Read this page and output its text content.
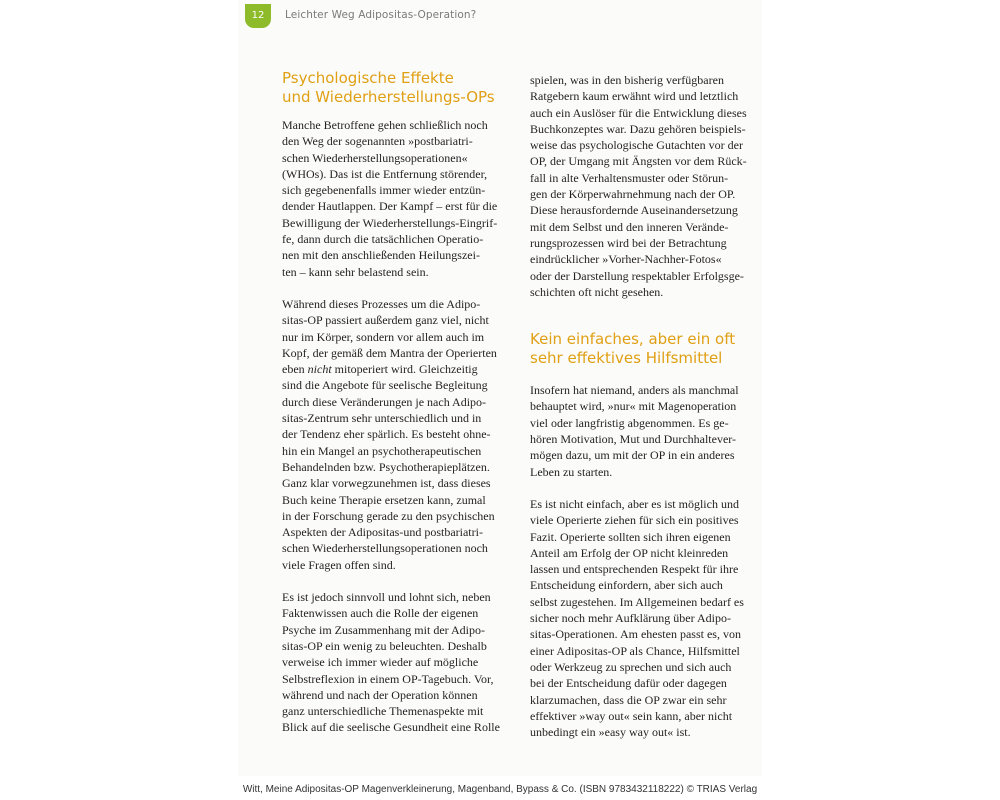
12	Leichter Weg Adipositas-Operation?
Psychologische Effekte
und Wiederherstellungs-OPs

Manche Betroffene gehen schließlich noch
den Weg der sogenannten »postbariatri-
schen Wiederherstellungsoperationen«
(WHOs). Das ist die Entfernung störender,
sich gegebenenfalls immer wieder entzün-
dender Hautlappen. Der Kampf – erst für die
Bewilligung der Wiederherstellungs-Eingrif-
fe, dann durch die tatsächlichen Operatio-
nen mit den anschließenden Heilungszei-
ten – kann sehr belastend sein.

Während dieses Prozesses um die Adipo-
sitas-OP passiert außerdem ganz viel, nicht
nur im Körper, sondern vor allem auch im
Kopf, der gemäß dem Mantra der Operierten
eben nicht mitoperiert wird. Gleichzeitig
sind die Angebote für seelische Begleitung
durch diese Veränderungen je nach Adipo-
sitas-Zentrum sehr unterschiedlich und in
der Tendenz eher spärlich. Es besteht ohne-
hin ein Mangel an psychotherapeutischen
Behandelnden bzw. Psychotherapieplätzen.
Ganz klar vorwegzunehmen ist, dass dieses
Buch keine Therapie ersetzen kann, zumal
in der Forschung gerade zu den psychischen
Aspekten der Adipositas-und postbariatri-
schen Wiederherstellungsoperationen noch
viele Fragen offen sind.

Es ist jedoch sinnvoll und lohnt sich, neben
Faktenwissen auch die Rolle der eigenen
Psyche im Zusammenhang mit der Adipo-
sitas-OP ein wenig zu beleuchten. Deshalb
verweise ich immer wieder auf mögliche
Selbstreflexion in einem OP-Tagebuch. Vor,
während und nach der Operation können
ganz unterschiedliche Themenaspekte mit
Blick auf die seelische Gesundheit eine Rolle

spielen, was in den bisherig verfügbaren
Ratgebern kaum erwähnt wird und letztlich
auch ein Auslöser für die Entwicklung dieses
Buchkonzeptes war. Dazu gehören beispiels-
weise das psychologische Gutachten vor der
OP, der Umgang mit Ängsten vor dem Rück-
fall in alte Verhaltensmuster oder Störun-
gen der Körperwahrnehmung nach der OP.
Diese herausfordernde Auseinandersetzung
mit dem Selbst und den inneren Verände-
rungsprozessen wird bei der Betrachtung
eindrücklicher »Vorher-Nachher-Fotos«
oder der Darstellung respektabler Erfolgsge-
schichten oft nicht gesehen.

Kein einfaches, aber ein oft
sehr effektives Hilfsmittel

Insofern hat niemand, anders als manchmal
behauptet wird, »nur« mit Magenoperation
viel oder langfristig abgenommen. Es ge-
hören Motivation, Mut und Durchhaltever-
mögen dazu, um mit der OP in ein anderes
Leben zu starten.

Es ist nicht einfach, aber es ist möglich und
viele Operierte ziehen für sich ein positives
Fazit. Operierte sollten sich ihren eigenen
Anteil am Erfolg der OP nicht kleinreden
lassen und entsprechenden Respekt für ihre
Entscheidung einfordern, aber sich auch
selbst zugestehen. Im Allgemeinen bedarf es
sicher noch mehr Aufklärung über Adipo-
sitas-Operationen. Am ehesten passt es, von
einer Adipositas-OP als Chance, Hilfsmittel
oder Werkzeug zu sprechen und sich auch
bei der Entscheidung dafür oder dagegen
klarzumachen, dass die OP zwar ein sehr
effektiver »way out« sein kann, aber nicht
unbedingt ein »easy way out« ist.

Witt, Meine Adipositas-OP Magenverkleinerung, Magenband, Bypass & Co. (ISBN 9783432118222) © TRIAS Verlag
